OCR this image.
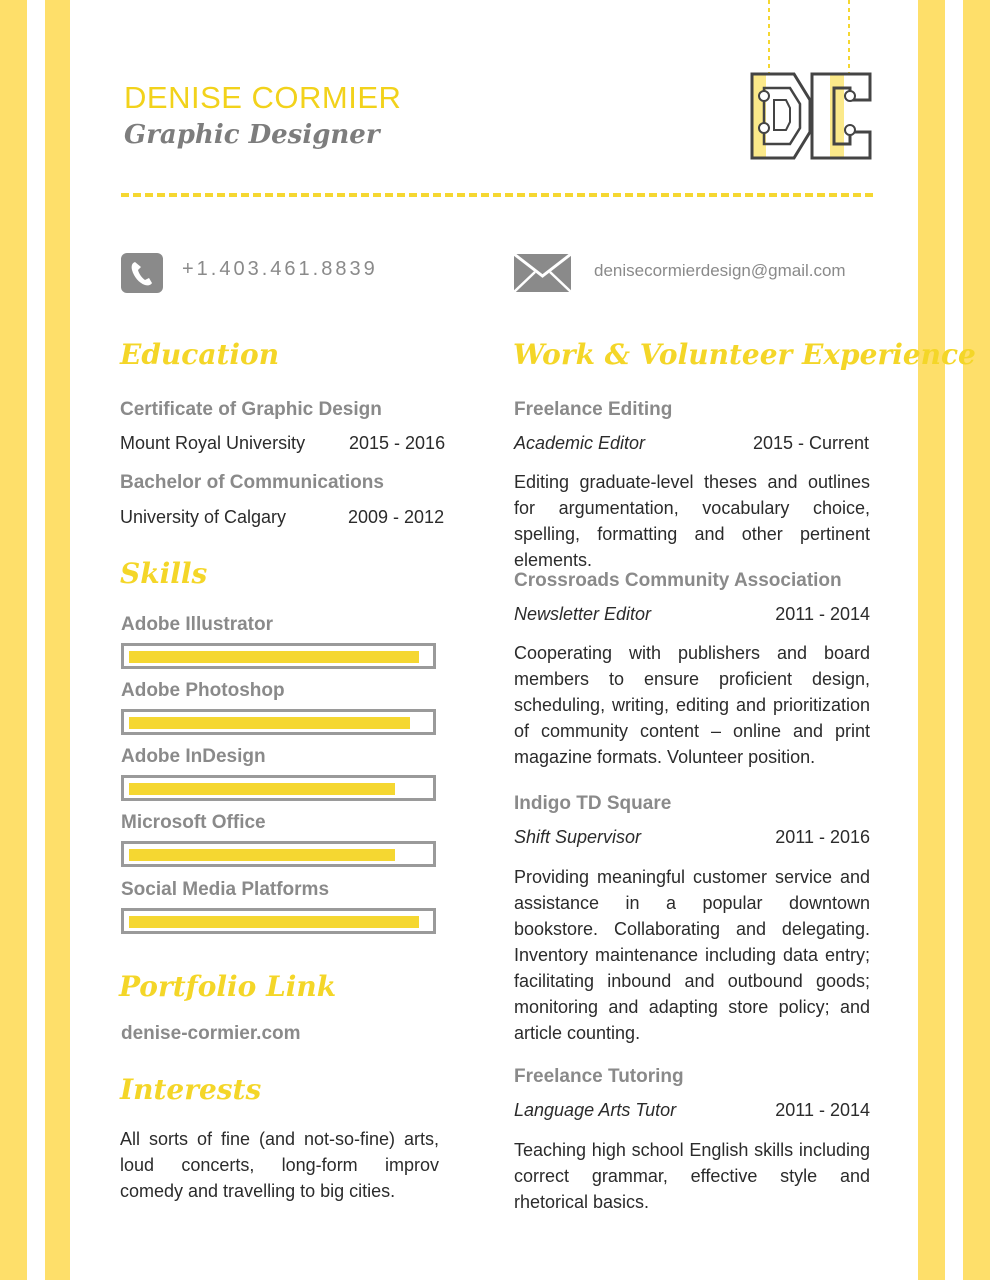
DENISE CORMIER
Graphic Designer
+1.403.461.8839	denisecormierdesign@gmail.com
Education
Certificate of Graphic Design
Mount Royal University 2015 - 2016
Bachelor of Communications
University of Calgary	2009 - 2012
Skills
Adobe Illustrator
Adobe Photoshop
Adobe InDesign
Microsoft Office
Social Media Platforms
Portfolio Link
denise-cormier.com
Interests
All sorts of fine (and not-so-fine) arts, loud concerts, long-form improv comedy and travelling to big cities.
Work & Volunteer Experience
Freelance Editing
Academic Editor	2015 - Current
Editing graduate-level theses and outlines for argumentation, vocabulary choice, spelling, formatting and other pertinent elements.
Crossroads Community Association
Newsletter Editor	2011 - 2014
Cooperating with publishers and board members to ensure proficient design, scheduling, writing, editing and prioritization of community content – online and print magazine formats. Volunteer position.
Indigo TD Square
Shift Supervisor	2011 - 2016
Providing meaningful customer service and assistance in a popular downtown bookstore. Collaborating and delegating. Inventory maintenance including data entry; facilitating inbound and outbound goods; monitoring and adapting store policy; and article counting.
Freelance Tutoring
Language Arts Tutor	2011 - 2014
Teaching high school English skills including correct grammar, effective style and rhetorical basics.
